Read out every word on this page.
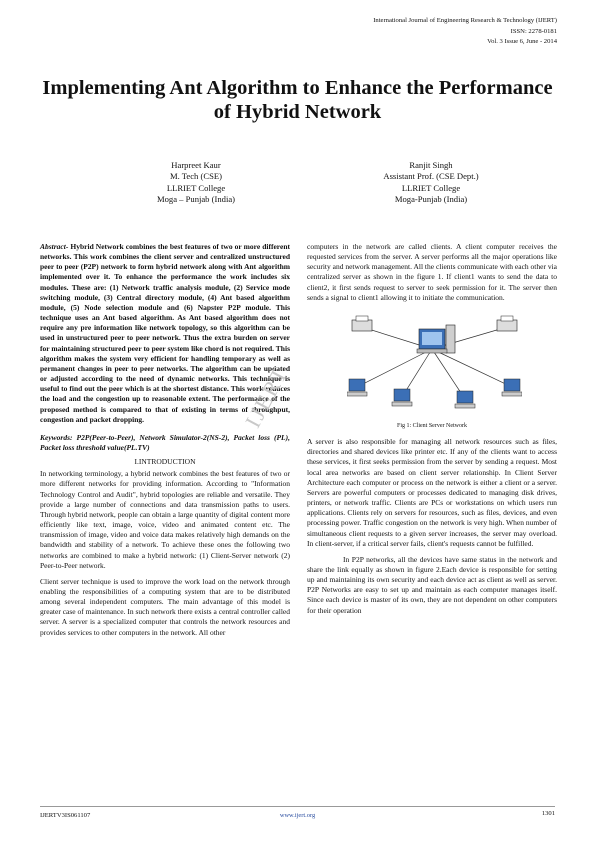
International Journal of Engineering Research & Technology (IJERT)
ISSN: 2278-0181
Vol. 3 Issue 6, June - 2014
Implementing Ant Algorithm to Enhance the Performance of Hybrid Network
Harpreet Kaur
M. Tech (CSE)
LLRIET College
Moga – Punjab (India)
Ranjit Singh
Assistant Prof. (CSE Dept.)
LLRIET College
Moga-Punjab (India)

Abstract- Hybrid Network combines the best features of two or more different networks. This work combines the client server and centralized unstructured peer to peer (P2P) network to form hybrid network along with Ant algorithm implemented over it. To enhance the performance the work includes six modules. These are: (1) Network traffic analysis module, (2) Service mode switching module, (3) Central directory module, (4) Ant based algorithm module, (5) Node selection module and (6) Napster P2P module. This technique uses an Ant based algorithm. As Ant based algorithm does not require any pre information like network topology, so this algorithm can be used in unstructured peer to peer network. Thus the extra burden on server for maintaining structured peer to peer system like chord is not required. This algorithm makes the system very efficient for handling temporary as well as permanent changes in peer to peer networks. The algorithm can be updated or adjusted according to the need of dynamic networks. This technique is useful to find out the peer which is at the shortest distance. This work reduces the load and the congestion up to reasonable extent. The performance of the proposed method is compared to that of existing in terms of throughput, congestion and packet dropping.

Keywords: P2P(Peer-to-Peer), Network Simulator-2(NS-2), Packet loss (PL), Packet loss threshold value(PL.TV)

I.INTRODUCTION

In networking terminology, a hybrid network combines the best features of two or more different networks for providing information. According to "Information Technology Control and Audit", hybrid topologies are reliable and versatile. They provide a large number of connections and data transmission paths to users. Through hybrid network, people can obtain a large quantity of digital content more efficiently like text, image, voice, video and animated content etc. The transmission of image, video and voice data makes relatively high demands on the bandwidth and stability of a network. To achieve these ones the following two networks are combined to make a hybrid network: (1) Client-Server network (2) Peer-to-Peer network.

Client server technique is used to improve the work load on the network through enabling the responsibilities of a computing system that are to be distributed among several independent computers. The main advantage of this model is greater case of maintenance. In such network there exists a central controller called server. A server is a specialized computer that controls the network resources and provides services to other computers in the network. All other

computers in the network are called clients. A client computer receives the requested services from the server. A server performs all the major operations like security and network management. All the clients communicate with each other via centralized server as shown in the figure 1. If client1 wants to send the data to client2, it first sends request to server to seek permission for it. The server then sends a signal to client1 allowing it to initiate the communication.

Fig 1: Client Server Network

A server is also responsible for managing all network resources such as files, directories and shared devices like printer etc. If any of the clients want to access these services, it first seeks permission from the server by sending a request. Most local area networks are based on client server relationship. In Client Server Architecture each computer or process on the network is either a client or a server. Servers are powerful computers or processes dedicated to managing disk drives, printers, or network traffic. Clients are PCs or workstations on which users run applications. Clients rely on servers for resources, such as files, devices, and even processing power. Traffic congestion on the network is very high. When number of simultaneous client requests to a given server increases, the server may overload. In client-server, if a critical server fails, client's requests cannot be fulfilled.

In P2P networks, all the devices have same status in the network and share the link equally as shown in figure 2.Each device is responsible for setting up and maintaining its own security and each device act as client as well as server. P2P Networks are easy to set up and maintain as each computer manages itself. Since each device is master of its own, they are not dependent on other computers for their operation

IJERT
IJERTV3IS061107	www.ijert.org	1301
